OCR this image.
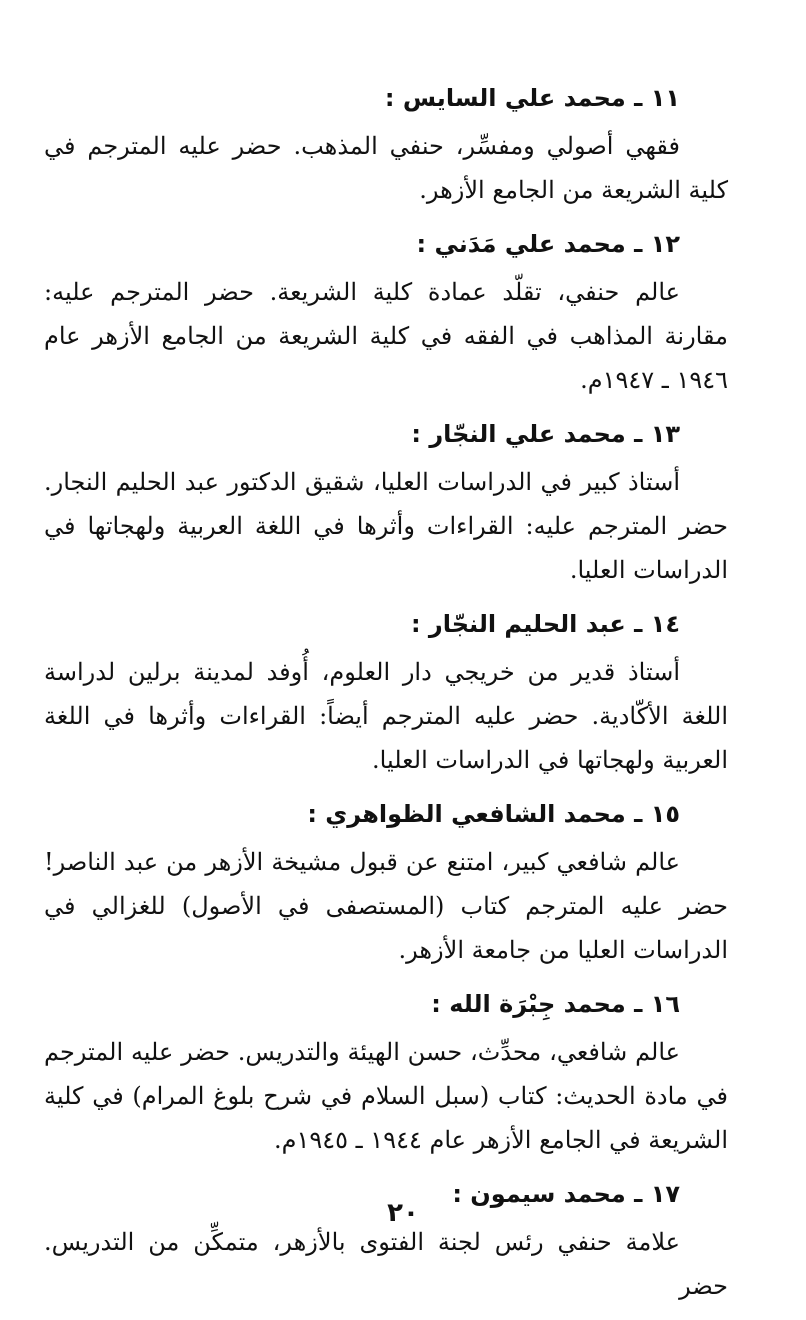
١١ ـ محمد علي السايس :

فقهي أصولي ومفسِّر، حنفي المذهب. حضر عليه المترجم في كلية الشريعة من الجامع الأزهر.

١٢ ـ محمد علي مَدَني :

عالم حنفي، تقلّد عمادة كلية الشريعة. حضر المترجم عليه: مقارنة المذاهب في الفقه في كلية الشريعة من الجامع الأزهر عام ١٩٤٦ ـ ١٩٤٧م.

١٣ ـ محمد علي النجّار :

أستاذ كبير في الدراسات العليا، شقيق الدكتور عبد الحليم النجار. حضر المترجم عليه: القراءات وأثرها في اللغة العربية ولهجاتها في الدراسات العليا.

١٤ ـ عبد الحليم النجّار :

أستاذ قدير من خريجي دار العلوم، أُوفد لمدينة برلين لدراسة اللغة الأكّادية. حضر عليه المترجم أيضاً: القراءات وأثرها في اللغة العربية ولهجاتها في الدراسات العليا.

١٥ ـ محمد الشافعي الظواهري :

عالم شافعي كبير، امتنع عن قبول مشيخة الأزهر من عبد الناصر! حضر عليه المترجم كتاب (المستصفى في الأصول) للغزالي في الدراسات العليا من جامعة الأزهر.

١٦ ـ محمد جِبْرَة الله :

عالم شافعي، محدِّث، حسن الهيئة والتدريس. حضر عليه المترجم في مادة الحديث: كتاب (سبل السلام في شرح بلوغ المرام) في كلية الشريعة في الجامع الأزهر عام ١٩٤٤ ـ ١٩٤٥م.

١٧ ـ محمد سيمون :

علامة حنفي رئس لجنة الفتوى بالأزهر، متمكِّن من التدريس. حضر

٢٠
